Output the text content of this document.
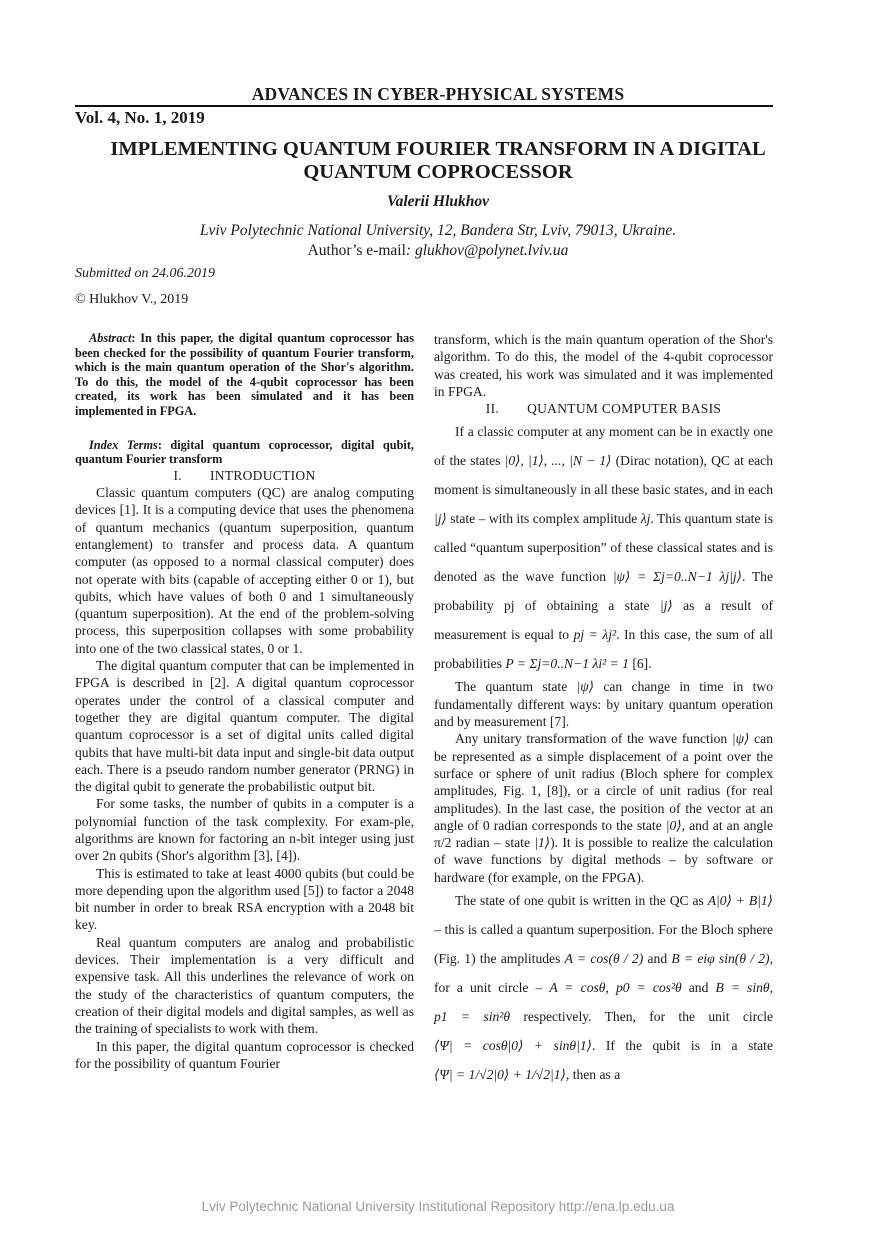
ADVANCES IN CYBER-PHYSICAL SYSTEMS
Vol. 4, No. 1, 2019
IMPLEMENTING QUANTUM FOURIER TRANSFORM IN A DIGITAL
QUANTUM COPROCESSOR
Valerii Hlukhov
Lviv Polytechnic National University, 12, Bandera Str, Lviv, 79013, Ukraine.
Author’s e-mail: glukhov@polynet.lviv.ua
Submitted on 24.06.2019
© Hlukhov V., 2019

Abstract: In this paper, the digital quantum coprocessor has been checked for the possibility of quantum Fourier transform, which is the main quantum operation of the Shor's algorithm. To do this, the model of the 4-qubit coprocessor has been created, its work has been simulated and it has been implemented in FPGA.

Index Terms: digital quantum coprocessor, digital qubit, quantum Fourier transform

I. INTRODUCTION

Classic quantum computers (QC) are analog computing devices [1]. It is a computing device that uses the phenomena of quantum mechanics (quantum superposition, quantum entanglement) to transfer and process data. A quantum computer (as opposed to a normal classical computer) does not operate with bits (capable of accepting either 0 or 1), but qubits, which have values of both 0 and 1 simultaneously (quantum superposition). At the end of the problem-solving process, this superposition collapses with some probability into one of the two classical states, 0 or 1.

The digital quantum computer that can be implemented in FPGA is described in [2]. A digital quantum coprocessor operates under the control of a classical computer and together they are digital quantum computer. The digital quantum coprocessor is a set of digital units called digital qubits that have multi-bit data input and single-bit data output each. There is a pseudo random number generator (PRNG) in the digital qubit to generate the probabilistic output bit.

For some tasks, the number of qubits in a computer is a polynomial function of the task complexity. For exam-ple, algorithms are known for factoring an n-bit integer using just over 2n qubits (Shor's algorithm [3], [4]).

This is estimated to take at least 4000 qubits (but could be more depending upon the algorithm used [5]) to factor a 2048 bit number in order to break RSA encryption with a 2048 bit key.

Real quantum computers are analog and probabilistic devices. Their implementation is a very difficult and expensive task. All this underlines the relevance of work on the study of the characteristics of quantum computers, the creation of their digital models and digital samples, as well as the training of specialists to work with them.

In this paper, the digital quantum coprocessor is checked for the possibility of quantum Fourier

transform, which is the main quantum operation of the Shor's algorithm. To do this, the model of the 4-qubit coprocessor was created, his work was simulated and it was implemented in FPGA.

II. QUANTUM COMPUTER BASIS

If a classic computer at any moment can be in exactly one of the states |0⟩, |1⟩, ..., |N − 1⟩ (Dirac notation), QC at each moment is simultaneously in all these basic states, and in each |j⟩ state – with its complex amplitude λj. This quantum state is called “quantum superposition” of these classical states and is denoted as the wave function |ψ⟩ = Σj=0..N−1 λj|j⟩. The probability pj of obtaining a state |j⟩ as a result of measurement is equal to pj = λj². In this case, the sum of all probabilities P = Σj=0..N−1 λi² = 1 [6].

The quantum state |ψ⟩ can change in time in two fundamentally different ways: by unitary quantum operation and by measurement [7].

Any unitary transformation of the wave function |ψ⟩ can be represented as a simple displacement of a point over the surface or sphere of unit radius (Bloch sphere for complex amplitudes, Fig. 1, [8]), or a circle of unit radius (for real amplitudes). In the last case, the position of the vector at an angle of 0 radian corresponds to the state |0⟩, and at an angle π/2 radian – state |1⟩). It is possible to realize the calculation of wave functions by digital methods – by software or hardware (for example, on the FPGA).

The state of one qubit is written in the QC as A|0⟩ + B|1⟩ – this is called a quantum superposition. For the Bloch sphere (Fig. 1) the amplitudes A = cos(θ / 2) and B = eiφ sin(θ / 2), for a unit circle – A = cosθ, p0 = cos²θ and B = sinθ, p1 = sin²θ respectively. Then, for the unit circle ⟨Ψ| = cosθ|0⟩ + sinθ|1⟩. If the qubit is in a state ⟨Ψ| = 1/√2|0⟩ + 1/√2|1⟩, then as a

Lviv Polytechnic National University Institutional Repository http://ena.lp.edu.ua
